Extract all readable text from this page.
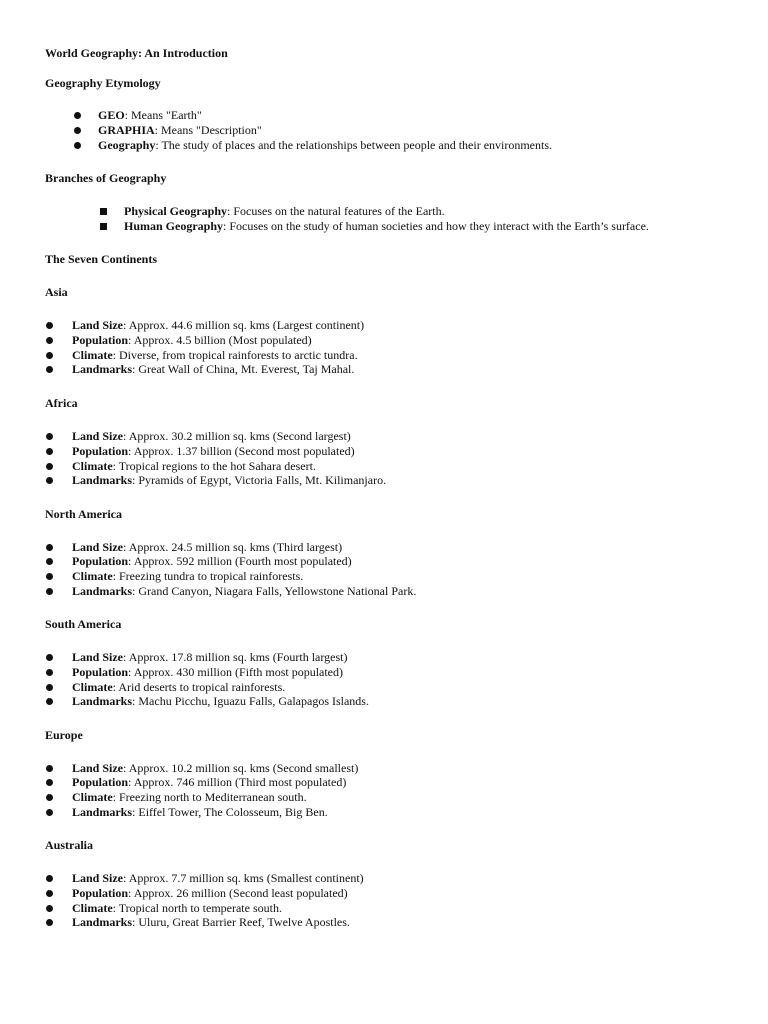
World Geography: An Introduction
Geography Etymology
GEO: Means "Earth"
GRAPHIA: Means "Description"
Geography: The study of places and the relationships between people and their environments.
Branches of Geography
Physical Geography: Focuses on the natural features of the Earth.
Human Geography: Focuses on the study of human societies and how they interact with the Earth’s surface.
The Seven Continents
Asia
Land Size: Approx. 44.6 million sq. kms (Largest continent)
Population: Approx. 4.5 billion (Most populated)
Climate: Diverse, from tropical rainforests to arctic tundra.
Landmarks: Great Wall of China, Mt. Everest, Taj Mahal.
Africa
Land Size: Approx. 30.2 million sq. kms (Second largest)
Population: Approx. 1.37 billion (Second most populated)
Climate: Tropical regions to the hot Sahara desert.
Landmarks: Pyramids of Egypt, Victoria Falls, Mt. Kilimanjaro.
North America
Land Size: Approx. 24.5 million sq. kms (Third largest)
Population: Approx. 592 million (Fourth most populated)
Climate: Freezing tundra to tropical rainforests.
Landmarks: Grand Canyon, Niagara Falls, Yellowstone National Park.
South America
Land Size: Approx. 17.8 million sq. kms (Fourth largest)
Population: Approx. 430 million (Fifth most populated)
Climate: Arid deserts to tropical rainforests.
Landmarks: Machu Picchu, Iguazu Falls, Galapagos Islands.
Europe
Land Size: Approx. 10.2 million sq. kms (Second smallest)
Population: Approx. 746 million (Third most populated)
Climate: Freezing north to Mediterranean south.
Landmarks: Eiffel Tower, The Colosseum, Big Ben.
Australia
Land Size: Approx. 7.7 million sq. kms (Smallest continent)
Population: Approx. 26 million (Second least populated)
Climate: Tropical north to temperate south.
Landmarks: Uluru, Great Barrier Reef, Twelve Apostles.
